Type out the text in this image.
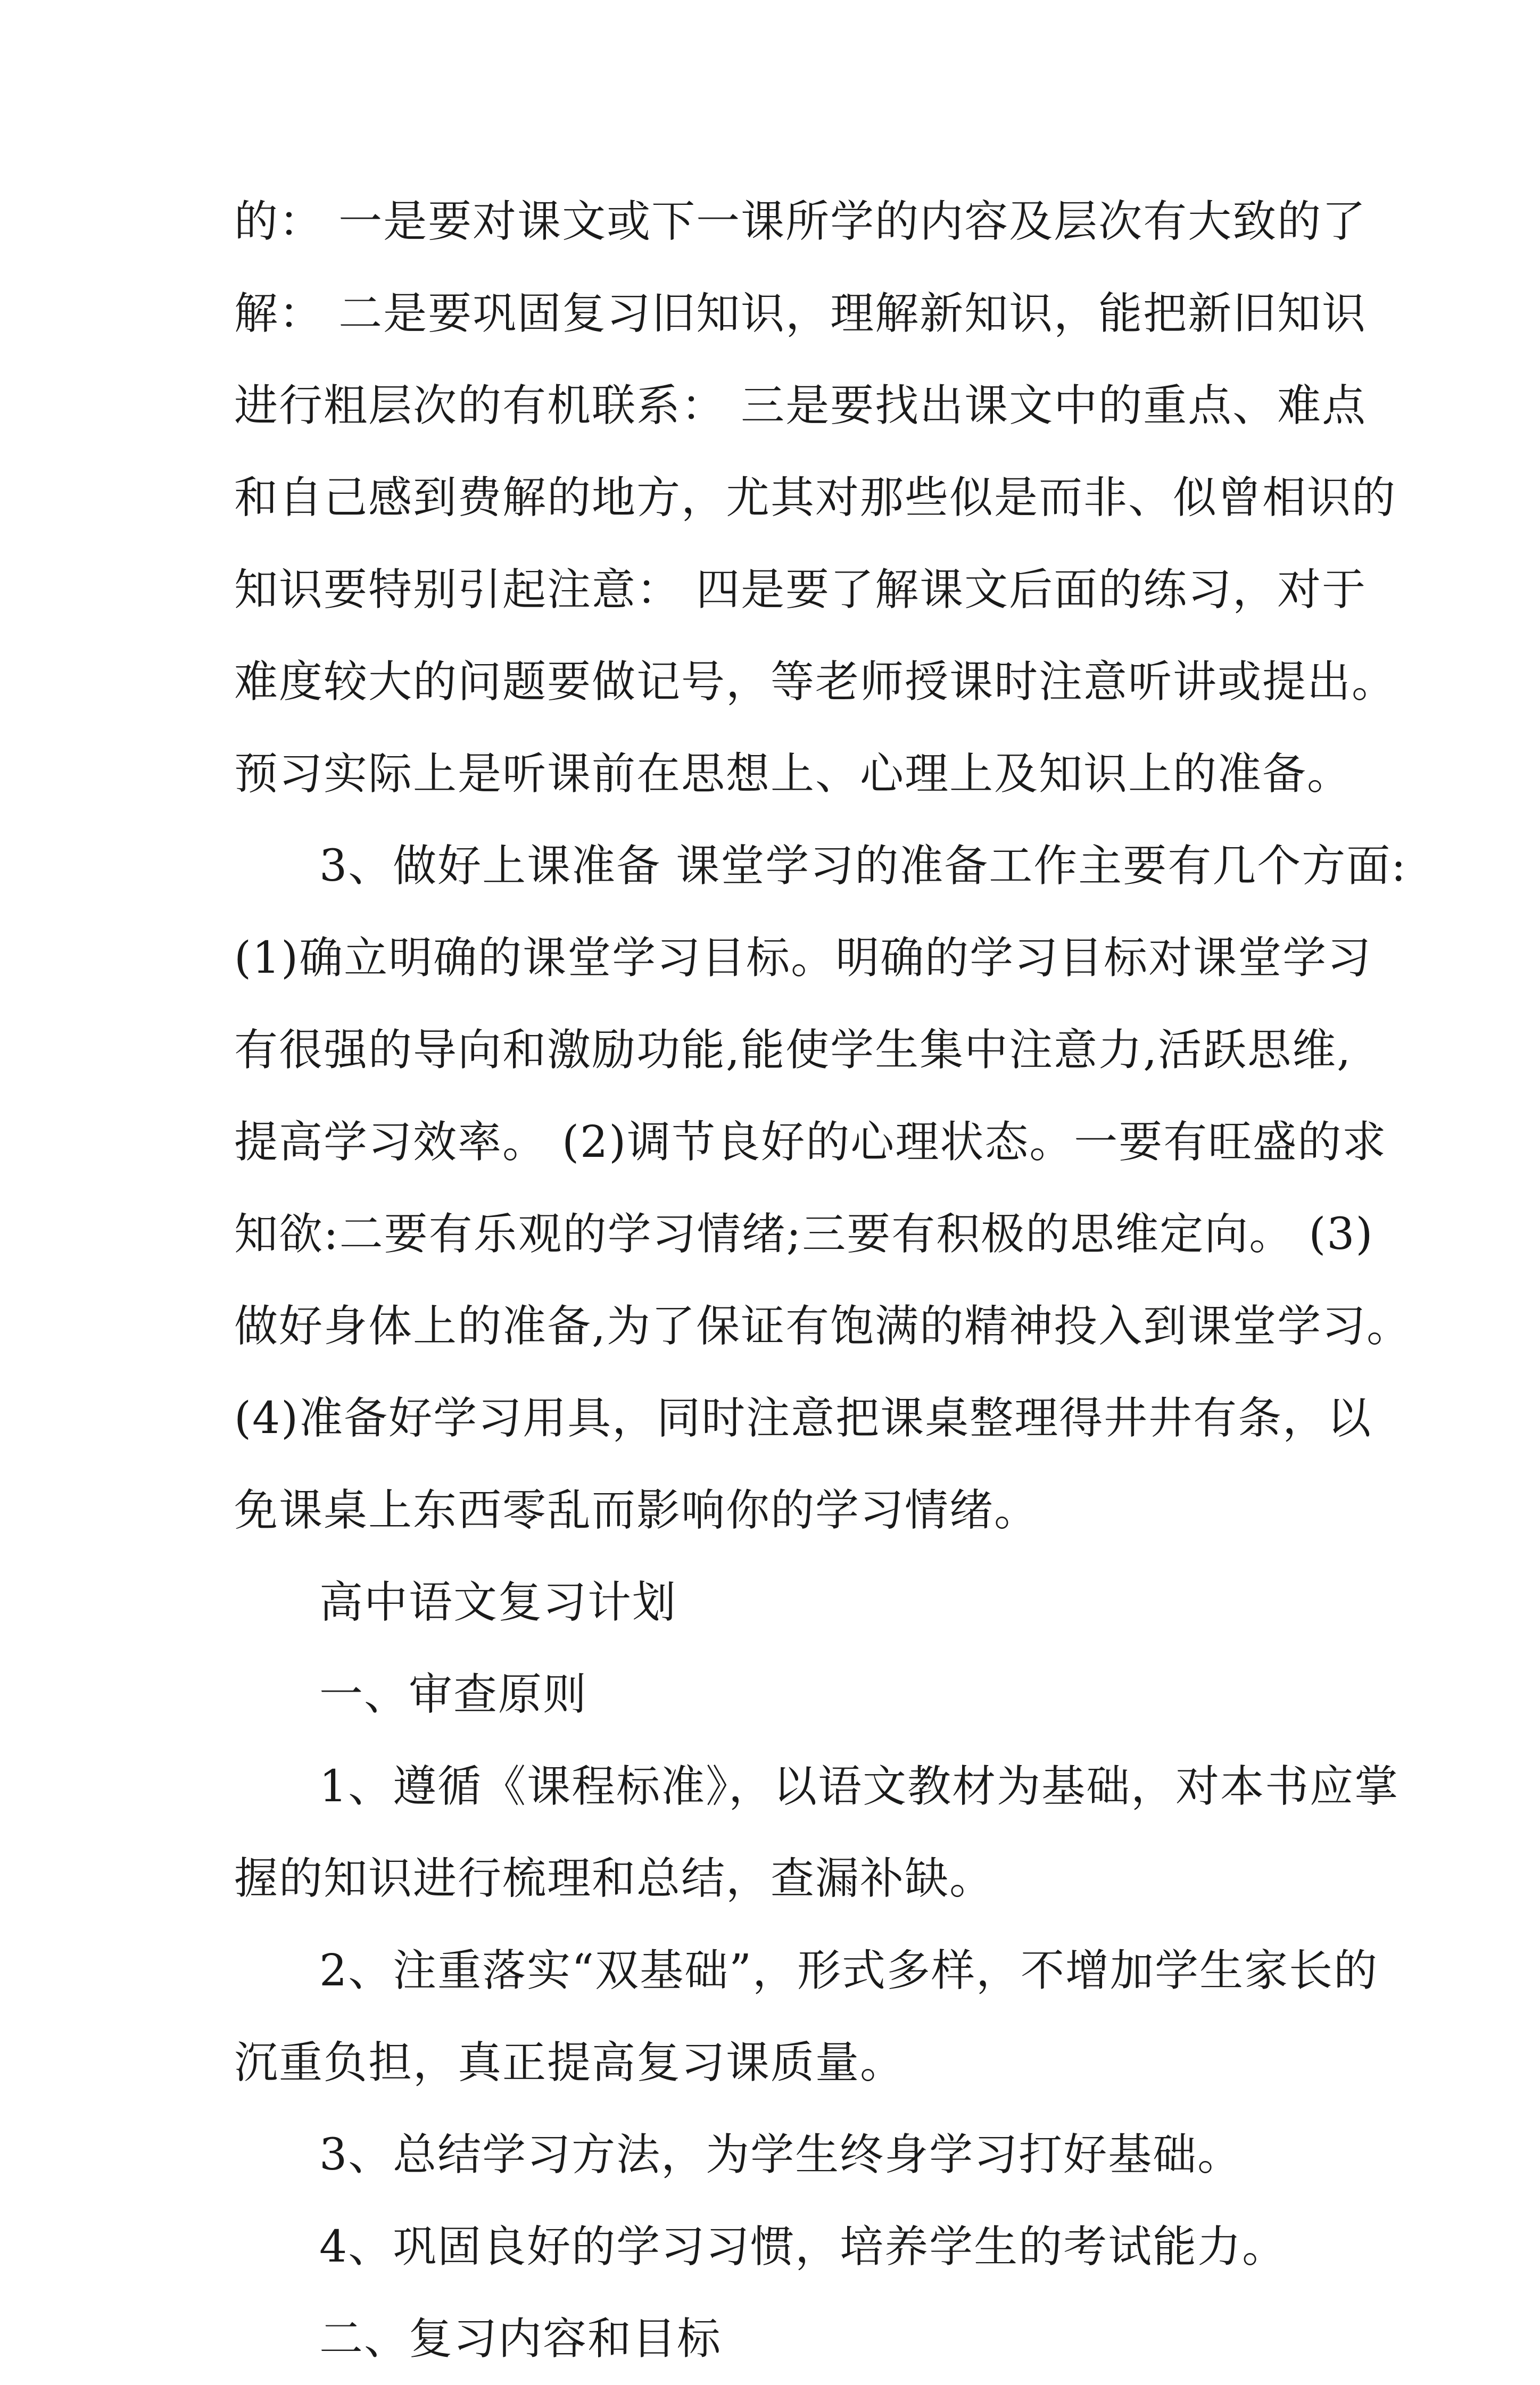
的： 一是要对课文或下一课所学的内容及层次有大致的了
解： 二是要巩固复习旧知识，理解新知识，能把新旧知识
进行粗层次的有机联系： 三是要找出课文中的重点、难点
和自己感到费解的地方，尤其对那些似是而非、似曾相识的
知识要特别引起注意： 四是要了解课文后面的练习，对于
难度较大的问题要做记号，等老师授课时注意听讲或提出。
预习实际上是听课前在思想上、心理上及知识上的准备。
3、做好上课准备 课堂学习的准备工作主要有几个方面:
(1)确立明确的课堂学习目标。明确的学习目标对课堂学习
有很强的导向和激励功能,能使学生集中注意力,活跃思维,
提高学习效率。 (2)调节良好的心理状态。一要有旺盛的求
知欲:二要有乐观的学习情绪;三要有积极的思维定向。 (3)
做好身体上的准备,为了保证有饱满的精神投入到课堂学习。
(4)准备好学习用具，同时注意把课桌整理得井井有条，以
免课桌上东西零乱而影响你的学习情绪。
高中语文复习计划
一、审查原则
1、遵循《课程标准》，以语文教材为基础，对本书应掌
握的知识进行梳理和总结，查漏补缺。
2、注重落实“双基础”，形式多样，不增加学生家长的
沉重负担，真正提高复习课质量。
3、总结学习方法，为学生终身学习打好基础。
4、巩固良好的学习习惯，培养学生的考试能力。
二、复习内容和目标
